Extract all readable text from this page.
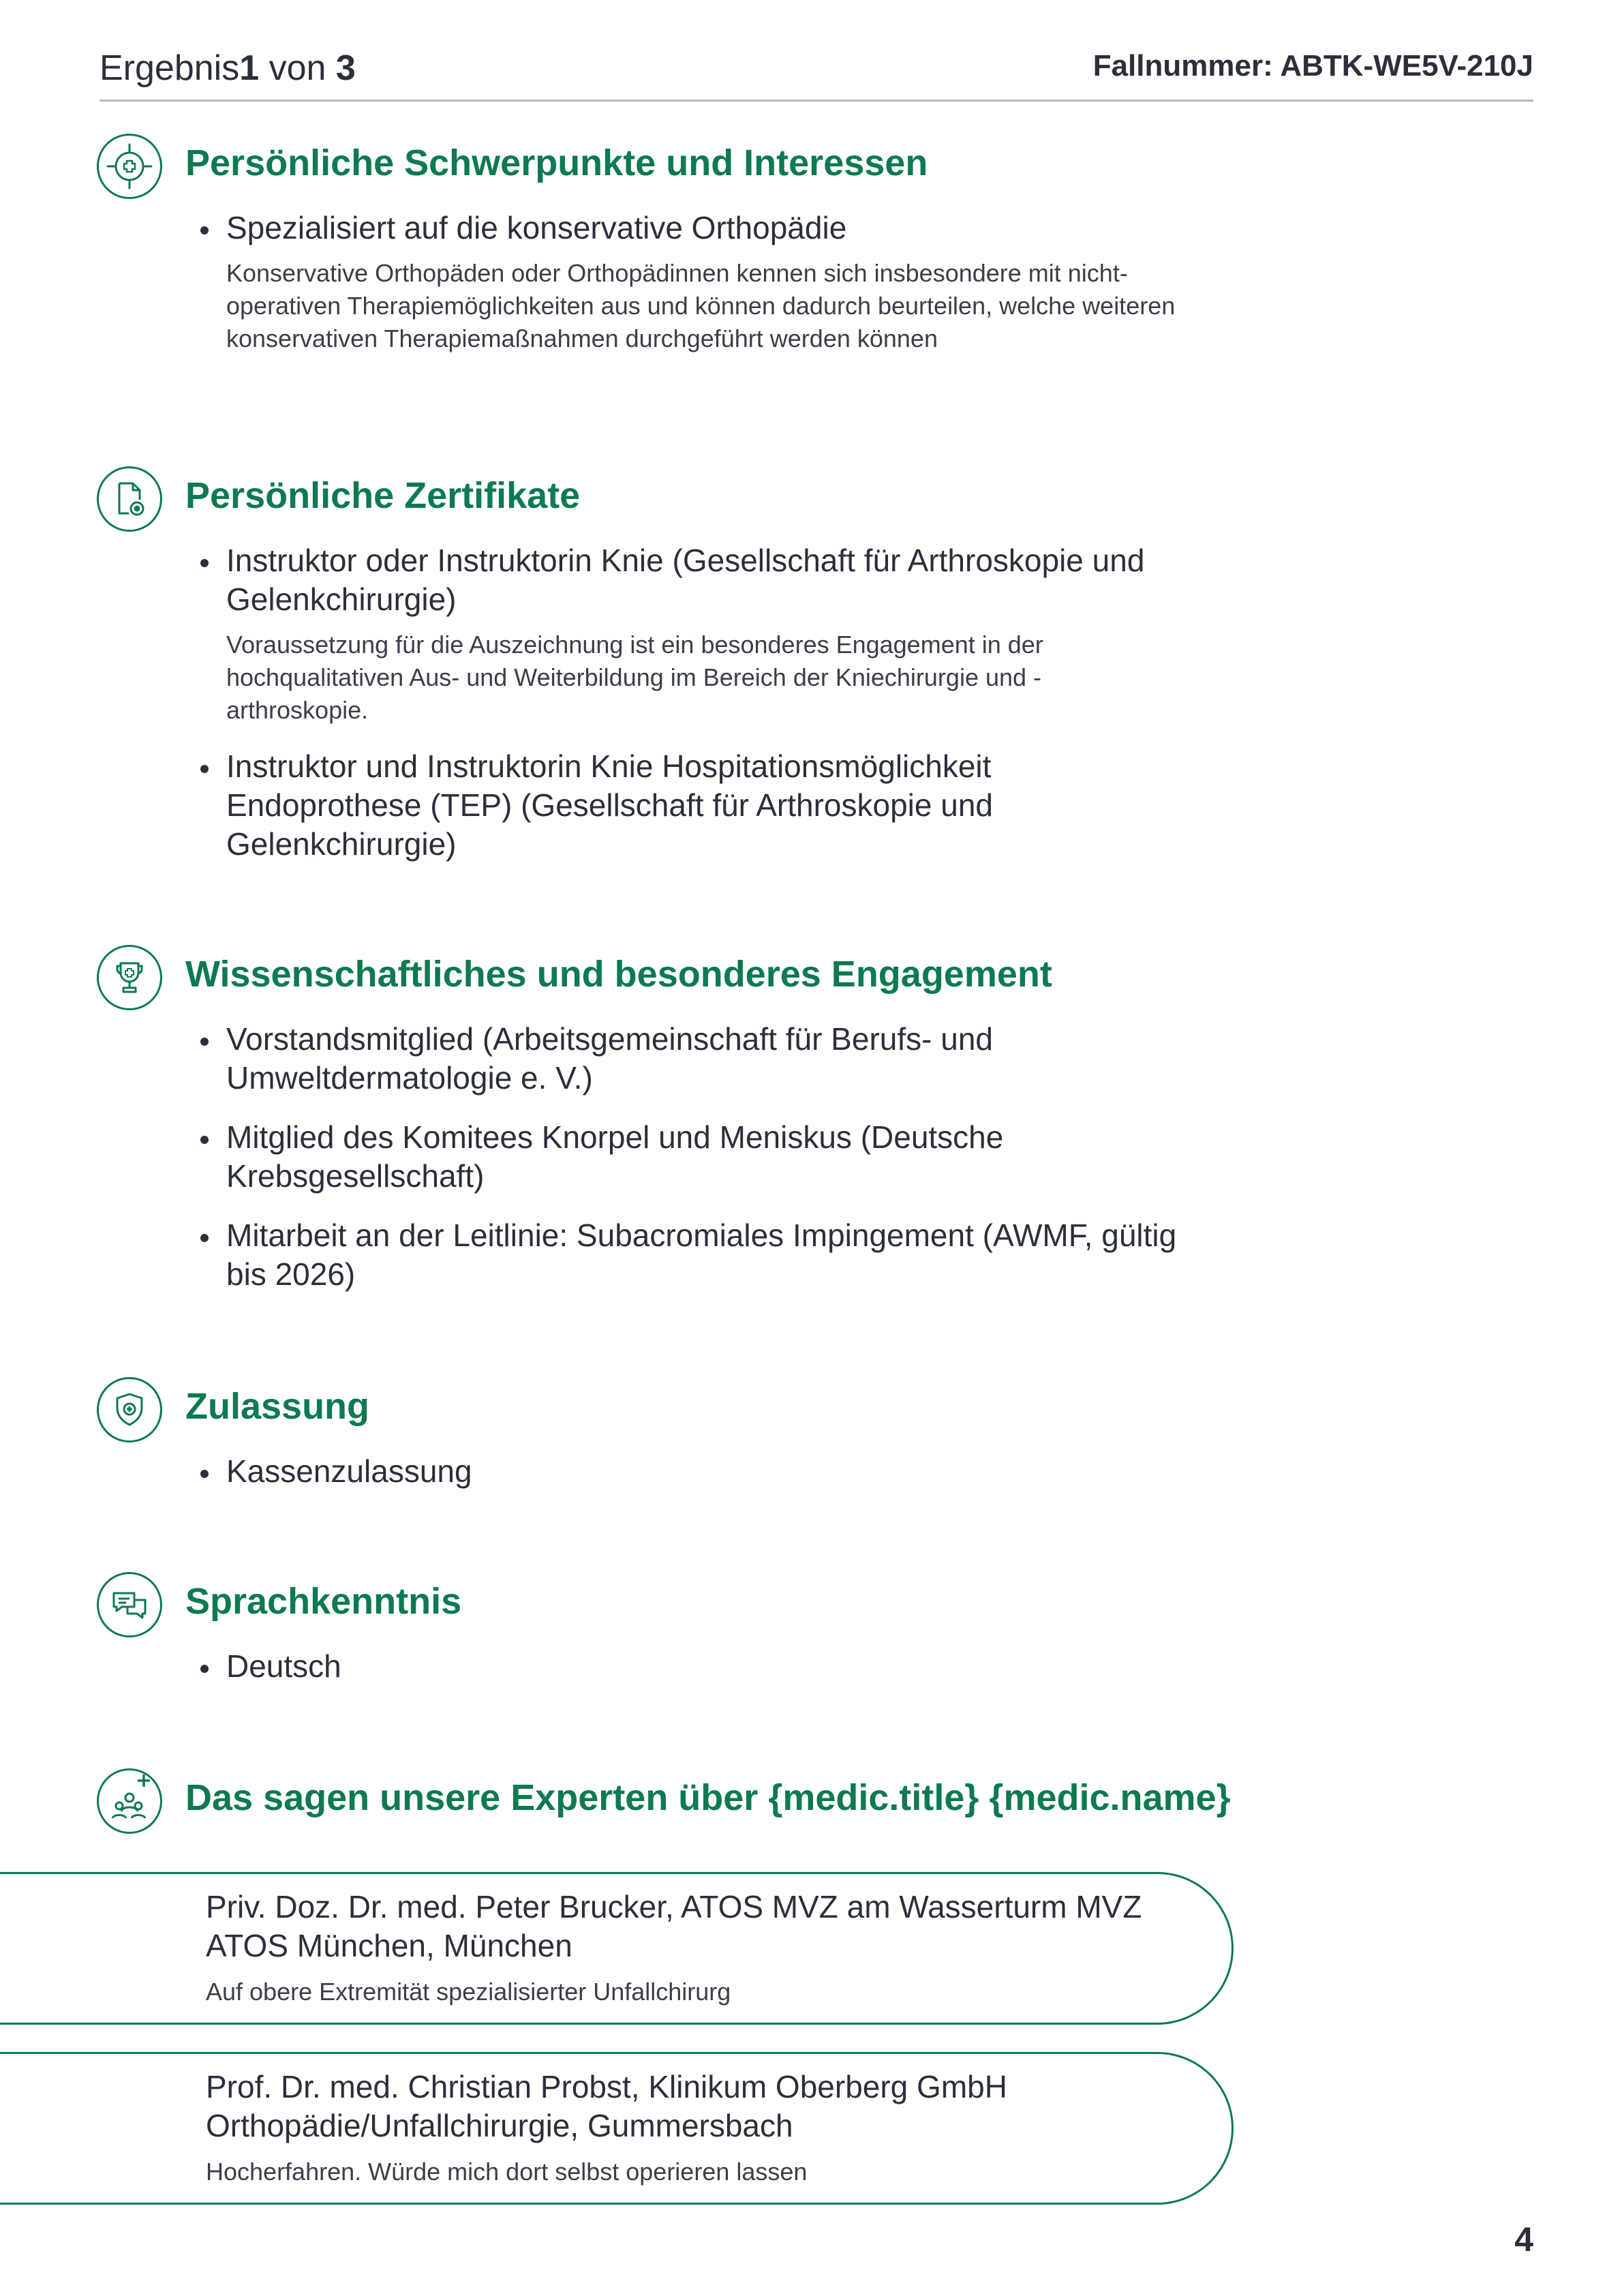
Ergebnis1 von 3	Fallnummer: ABTK-WE5V-210J
Persönliche Schwerpunkte und Interessen
Spezialisiert auf die konservative Orthopädie
Konservative Orthopäden oder Orthopädinnen kennen sich insbesondere mit nicht-operativen Therapiemöglichkeiten aus und können dadurch beurteilen, welche weiteren konservativen Therapiemaßnahmen durchgeführt werden können
Persönliche Zertifikate
Instruktor oder Instruktorin Knie (Gesellschaft für Arthroskopie und Gelenkchirurgie)
Voraussetzung für die Auszeichnung ist ein besonderes Engagement in der hochqualitativen Aus- und Weiterbildung im Bereich der Kniechirurgie und -arthroskopie.
Instruktor und Instruktorin Knie Hospitationsmöglichkeit Endoprothese (TEP) (Gesellschaft für Arthroskopie und Gelenkchirurgie)
Wissenschaftliches und besonderes Engagement
Vorstandsmitglied (Arbeitsgemeinschaft für Berufs- und Umweltdermatologie e. V.)
Mitglied des Komitees Knorpel und Meniskus (Deutsche Krebsgesellschaft)
Mitarbeit an der Leitlinie: Subacromiales Impingement (AWMF, gültig bis 2026)
Zulassung
Kassenzulassung
Sprachkenntnis
Deutsch
Das sagen unsere Experten über {medic.title} {medic.name}
Priv. Doz. Dr. med. Peter Brucker, ATOS MVZ am Wasserturm MVZ ATOS München, München
Auf obere Extremität spezialisierter Unfallchirurg
Prof. Dr. med. Christian Probst, Klinikum Oberberg GmbH Orthopädie/Unfallchirurgie, Gummersbach
Hocherfahren. Würde mich dort selbst operieren lassen
4
